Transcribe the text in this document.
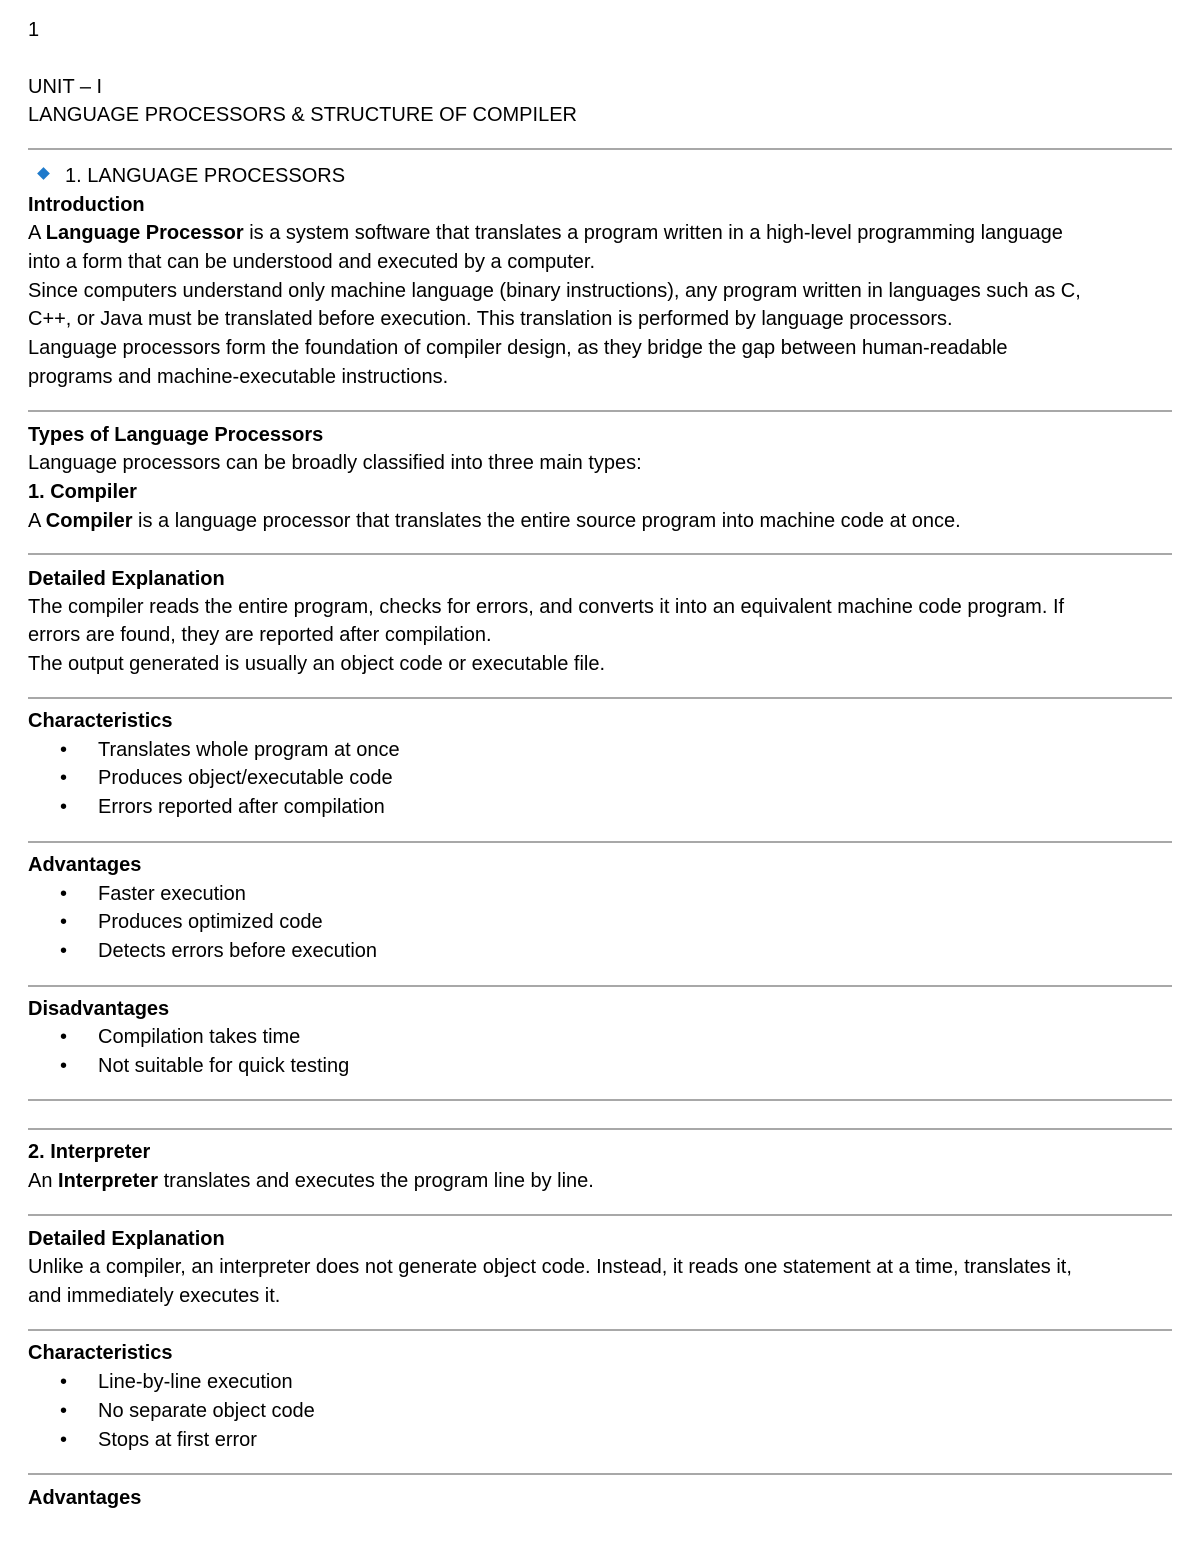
1

UNIT – I

LANGUAGE PROCESSORS & STRUCTURE OF COMPILER

1. LANGUAGE PROCESSORS

Introduction

A Language Processor is a system software that translates a program written in a high-level programming language

into a form that can be understood and executed by a computer.

Since computers understand only machine language (binary instructions), any program written in languages such as C,

C++, or Java must be translated before execution. This translation is performed by language processors.

Language processors form the foundation of compiler design, as they bridge the gap between human-readable

programs and machine-executable instructions.

Types of Language Processors

Language processors can be broadly classified into three main types:

1. Compiler

A Compiler is a language processor that translates the entire source program into machine code at once.

Detailed Explanation

The compiler reads the entire program, checks for errors, and converts it into an equivalent machine code program. If

errors are found, they are reported after compilation.

The output generated is usually an object code or executable file.

Characteristics

• Translates whole program at once

• Produces object/executable code

• Errors reported after compilation

Advantages

• Faster execution

• Produces optimized code

• Detects errors before execution

Disadvantages

• Compilation takes time

• Not suitable for quick testing

2. Interpreter

An Interpreter translates and executes the program line by line.

Detailed Explanation

Unlike a compiler, an interpreter does not generate object code. Instead, it reads one statement at a time, translates it,

and immediately executes it.

Characteristics

• Line-by-line execution

• No separate object code

• Stops at first error

Advantages
